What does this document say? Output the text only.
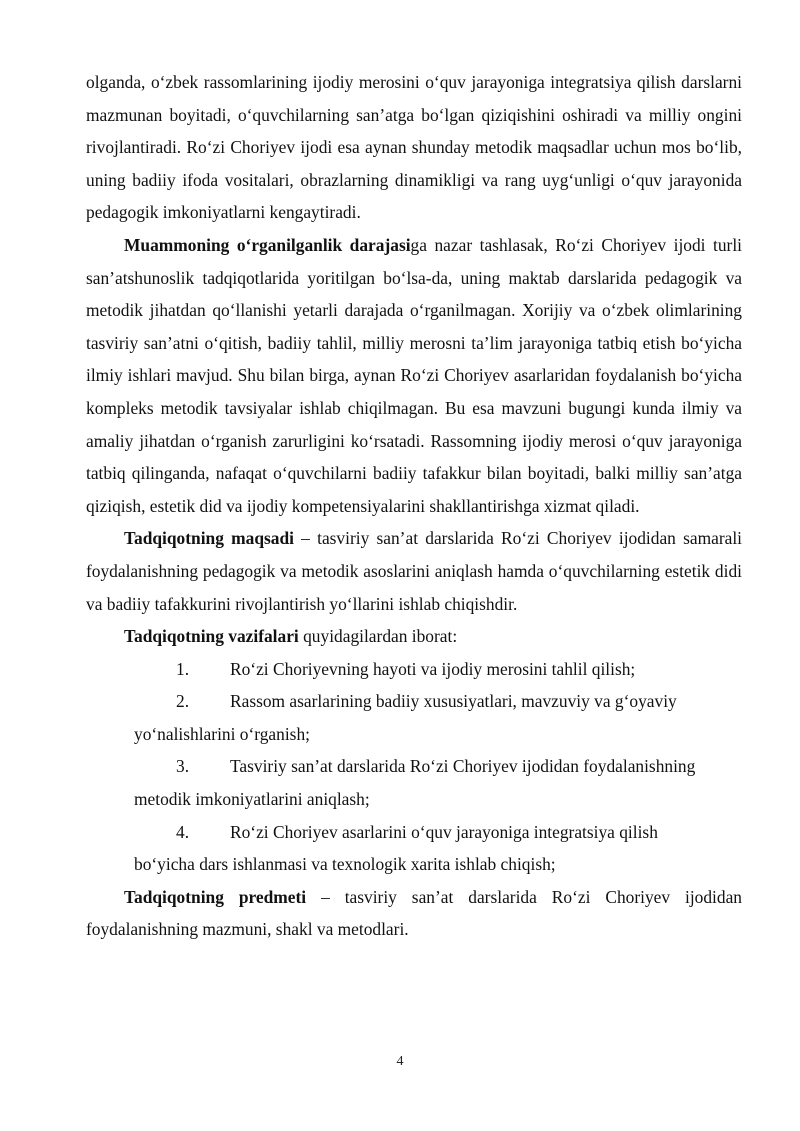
olganda, o‘zbek rassomlarining ijodiy merosini o‘quv jarayoniga integratsiya qilish darslarni mazmunan boyitadi, o‘quvchilarning san’atga bo‘lgan qiziqishini oshiradi va milliy ongini rivojlantiradi. Ro‘zi Choriyev ijodi esa aynan shunday metodik maqsadlar uchun mos bo‘lib, uning badiiy ifoda vositalari, obrazlarning dinamikligi va rang uyg‘unligi o‘quv jarayonida pedagogik imkoniyatlarni kengaytiradi.

Muammoning o‘rganilganlik darajasiga nazar tashlasak, Ro‘zi Choriyev ijodi turli san’atshunoslik tadqiqotlarida yoritilgan bo‘lsa-da, uning maktab darslarida pedagogik va metodik jihatdan qo‘llanishi yetarli darajada o‘rganilmagan. Xorijiy va o‘zbek olimlarining tasviriy san’atni o‘qitish, badiiy tahlil, milliy merosni ta’lim jarayoniga tatbiq etish bo‘yicha ilmiy ishlari mavjud. Shu bilan birga, aynan Ro‘zi Choriyev asarlaridan foydalanish bo‘yicha kompleks metodik tavsiyalar ishlab chiqilmagan. Bu esa mavzuni bugungi kunda ilmiy va amaliy jihatdan o‘rganish zarurligini ko‘rsatadi. Rassomning ijodiy merosi o‘quv jarayoniga tatbiq qilinganda, nafaqat o‘quvchilarni badiiy tafakkur bilan boyitadi, balki milliy san’atga qiziqish, estetik did va ijodiy kompetensiyalarini shakllantirishga xizmat qiladi.

Tadqiqotning maqsadi – tasviriy san’at darslarida Ro‘zi Choriyev ijodidan samarali foydalanishning pedagogik va metodik asoslarini aniqlash hamda o‘quvchilarning estetik didi va badiiy tafakkurini rivojlantirish yo‘llarini ishlab chiqishdir.

Tadqiqotning vazifalari quyidagilardan iborat:

1.	Ro‘zi Choriyevning hayoti va ijodiy merosini tahlil qilish;

2.	Rassom asarlarining badiiy xususiyatlari, mavzuviy va g‘oyaviy

yo‘nalishlarini o‘rganish;

3.	Tasviriy san’at darslarida Ro‘zi Choriyev ijodidan foydalanishning

metodik imkoniyatlarini aniqlash;

4.	Ro‘zi Choriyev asarlarini o‘quv jarayoniga integratsiya qilish

bo‘yicha dars ishlanmasi va texnologik xarita ishlab chiqish;

Tadqiqotning predmeti – tasviriy san’at darslarida Ro‘zi Choriyev ijodidan foydalanishning mazmuni, shakl va metodlari.

4
